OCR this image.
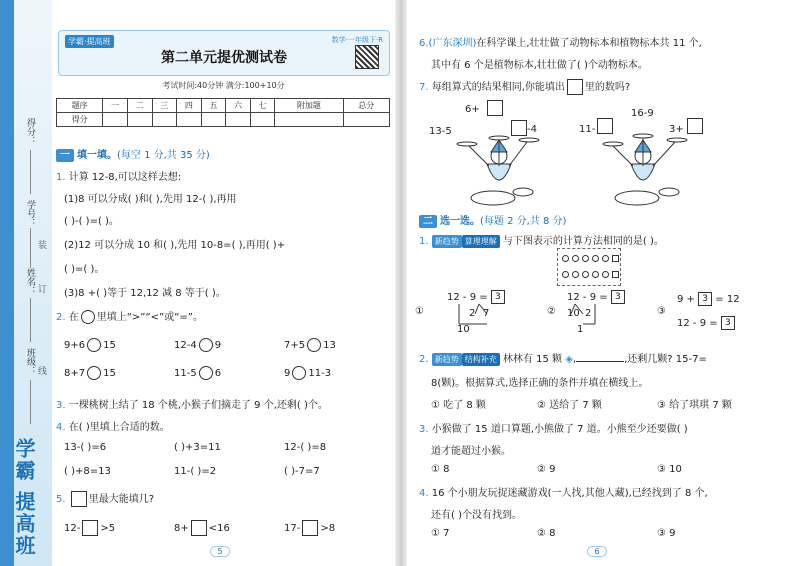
得分：
学号：
装
姓名： 订
班级： 线
学霸 提高班
学霸·提高班
第二单元提优测试卷
数学·一年级下·R
考试时间:40分钟 满分:100+10分
题序	一	二	三	四	五	六	七	附加题	总分
得分									
一 填一填。(每空 1 分,共 35 分)
1. 计算 12-8,可以这样去想:
(1)8 可以分成( )和( ),先用 12-( ),再用
( )-( )=( )。
(2)12 可以分成 10 和( ),先用 10-8=( ),再用( )+
( )=( )。
(3)8 +( )等于 12,12 减 8 等于( )。
2. 在 里填上“>”“<”或“=”。
9+6 15	12-4 9	7+5 13
8+7 15	11-5 6	9 11-3
3. 一棵桃树上结了 18 个桃,小猴子们摘走了 9 个,还剩( )个。
4. 在( )里填上合适的数。
13-( )=6	( )+3=11	12-( )=8
( )+8=13	11-( )=2	( )-7=7
5. 里最大能填几?
12- >5	8+ <16	17- >8
5
6.(广东深圳)在科学课上,壮壮做了动物标本和植物标本共 11 个,
其中有 6 个是植物标本,壮壮做了( )个动物标本。
7. 每组算式的结果相同,你能填出 里的数吗?
6+
13-5	-4
16-9
11-	3+
二 选一选。(每题 2 分,共 8 分)
1. 新趋势 算理理解 与下图表示的计算方法相同的是( )。
①
12 - 9 = 3
2 7
10
②
12 - 9 = 3
10 2
1
③
9 + 3 = 12
12 - 9 = 3
2. 新趋势 结构补充 林林有 15 颗 ◈,	,还剩几颗? 15-7=
8(颗)。根据算式,选择正确的条件并填在横线上。
① 吃了 8 颗	② 送给了 7 颗	③ 给了琪琪 7 颗
3. 小猴做了 15 道口算题,小熊做了 7 道。小熊至少还要做( )
道才能超过小猴。
① 8	② 9	③ 10
4. 16 个小朋友玩捉迷藏游戏(一人找,其他人藏),已经找到了 8 个,
还有( )个没有找到。
① 7	② 8	③ 9
6
